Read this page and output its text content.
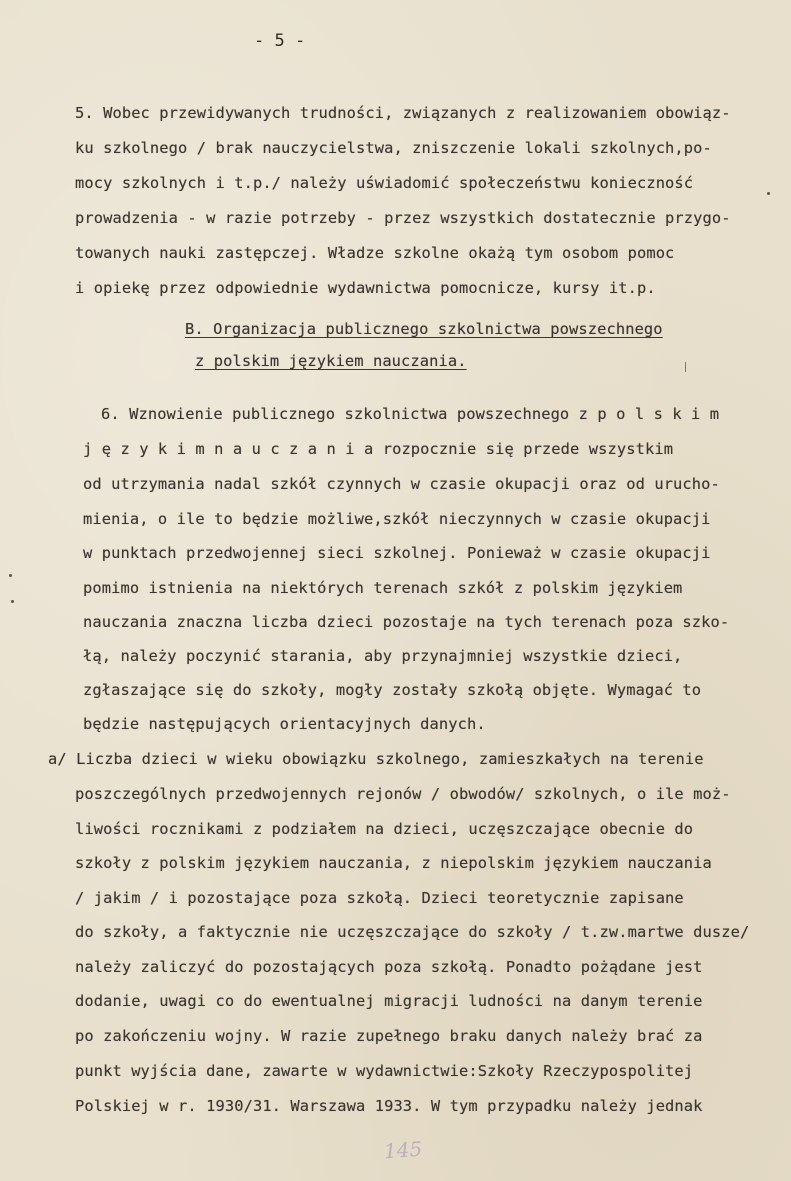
- 5 -
5. Wobec przewidywanych trudności, związanych z realizowaniem obowiąz-
ku szkolnego / brak nauczycielstwa, zniszczenie lokali szkolnych,po-
mocy szkolnych i t.p./ należy uświadomić społeczeństwu konieczność
prowadzenia - w razie potrzeby - przez wszystkich dostatecznie przygo-
towanych nauki zastępczej. Władze szkolne okażą tym osobom pomoc
i opiekę przez odpowiednie wydawnictwa pomocnicze, kursy it.p.
B. Organizacja publicznego szkolnictwa powszechnego
z polskim językiem nauczania.
6. Wznowienie publicznego szkolnictwa powszechnego z p o l s k i m
j ę z y k i m n a u c z a n i a rozpocznie się przede wszystkim
od utrzymania nadal szkół czynnych w czasie okupacji oraz od urucho-
mienia, o ile to będzie możliwe,szkół nieczynnych w czasie okupacji
w punktach przedwojennej sieci szkolnej. Ponieważ w czasie okupacji
pomimo istnienia na niektórych terenach szkół z polskim językiem
nauczania znaczna liczba dzieci pozostaje na tych terenach poza szko-
łą, należy poczynić starania, aby przynajmniej wszystkie dzieci,
zgłaszające się do szkoły, mogły zostały szkołą objęte. Wymagać to
będzie następujących orientacyjnych danych.
a/ Liczba dzieci w wieku obowiązku szkolnego, zamieszkałych na terenie
poszczególnych przedwojennych rejonów / obwodów/ szkolnych, o ile moż-
liwości rocznikami z podziałem na dzieci, uczęszczające obecnie do
szkoły z polskim językiem nauczania, z niepolskim językiem nauczania
/ jakim / i pozostające poza szkołą. Dzieci teoretycznie zapisane
do szkoły, a faktycznie nie uczęszczające do szkoły / t.zw.martwe dusze/
należy zaliczyć do pozostających poza szkołą. Ponadto pożądane jest
dodanie, uwagi co do ewentualnej migracji ludności na danym terenie
po zakończeniu wojny. W razie zupełnego braku danych należy brać za
punkt wyjścia dane, zawarte w wydawnictwie:Szkoły Rzeczypospolitej
Polskiej w r. 1930/31. Warszawa 1933. W tym przypadku należy jednak
145
